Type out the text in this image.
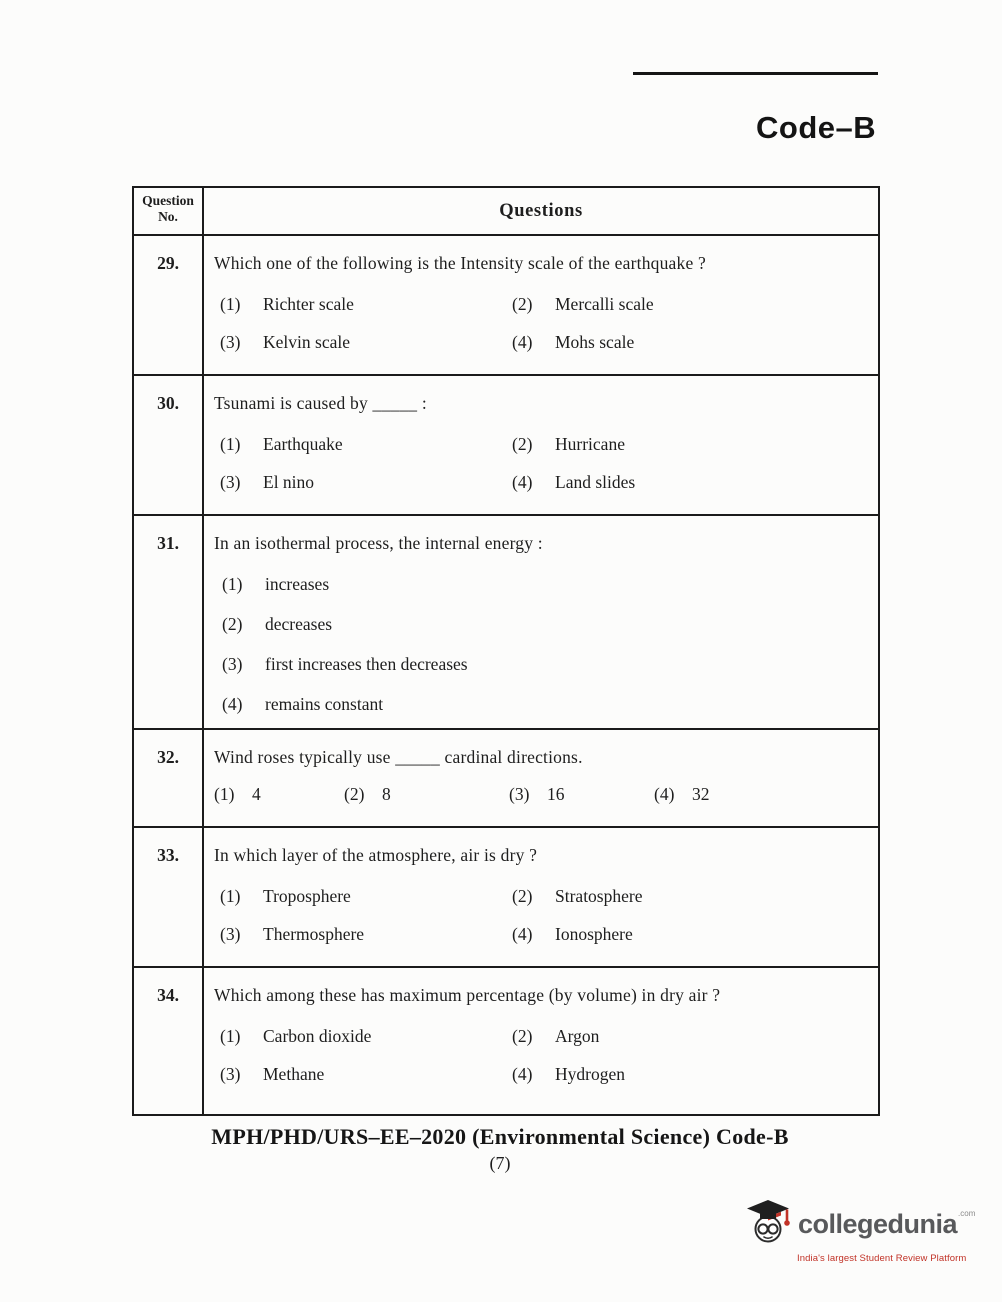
Code–B
Question No.	Questions
29.	Which one of the following is the Intensity scale of the earthquake ?
(1)	Richter scale	(2)	Mercalli scale
(3)	Kelvin scale	(4)	Mohs scale
30.	Tsunami is caused by _____ :
(1)	Earthquake	(2)	Hurricane
(3)	El nino	(4)	Land slides
31.	In an isothermal process, the internal energy :
(1)	increases
(2)	decreases
(3)	first increases then decreases
(4)	remains constant
32.	Wind roses typically use _____ cardinal directions.
(1)	4	(2)	8	(3)	16	(4)	32
33.	In which layer of the atmosphere, air is dry ?
(1)	Troposphere	(2)	Stratosphere
(3)	Thermosphere	(4)	Ionosphere
34.	Which among these has maximum percentage (by volume) in dry air ?
(1)	Carbon dioxide	(2)	Argon
(3)	Methane	(4)	Hydrogen
MPH/PHD/URS–EE–2020 (Environmental Science) Code-B
(7)
collegedunia$^{.com}$
India's largest Student Review Platform
